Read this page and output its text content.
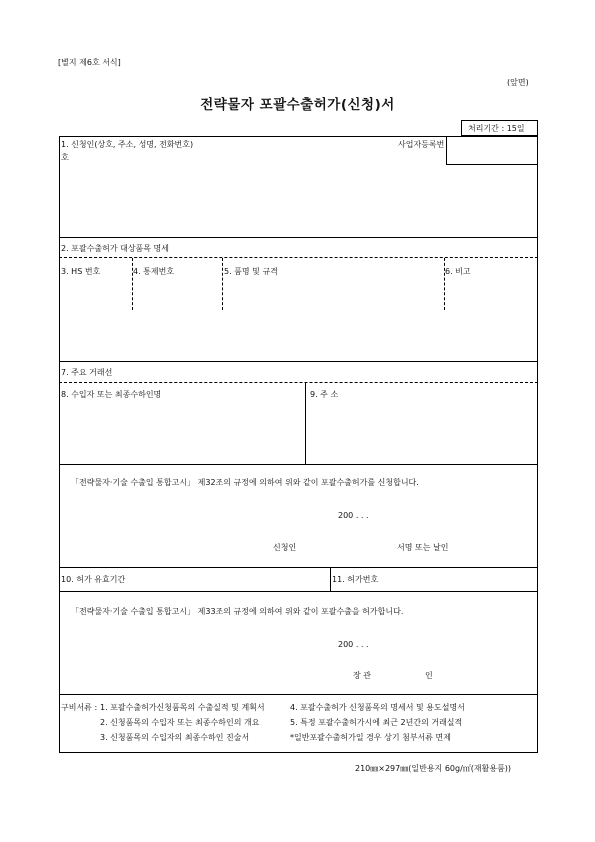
[별지 제6호 서식]
(앞면)
전략물자 포괄수출허가(신청)서
처리기간 : 15일
1. 신청인(상호, 주소, 성명, 전화번호)
호
사업자등록번
2. 포괄수출허가 대상품목 명세
3. HS 번호	4. 통제번호	5. 품명 및 규격	6. 비고
7. 주요 거래선
8. 수입자 또는 최종수하인명	9. 주 소
「전략물자·기술 수출입 통합고시」 제32조의 규정에 의하여 위와 같이 포괄수출허가를 신청합니다.
200 . . .
신청인	서명 또는 날인
10. 허가 유효기간	11. 허가번호
「전략물자·기술 수출입 통합고시」 제33조의 규정에 의하여 위와 같이 포괄수출을 허가합니다.
200 . . .
장 관	인
구비서류 : 1. 포괄수출허가신청품목의 수출실적 및 계획서
2. 신청품목의 수입자 또는 최종수하인의 개요
3. 신청품목의 수입자의 최종수하인 진술서
4. 포괄수출허가 신청품목의 명세서 및 용도설명서
5. 특정 포괄수출허가시에 최근 2년간의 거래실적
*일반포괄수출허가일 경우 상기 첨부서류 면제
210㎜×297㎜(일반용지 60g/㎡(재활용품))
